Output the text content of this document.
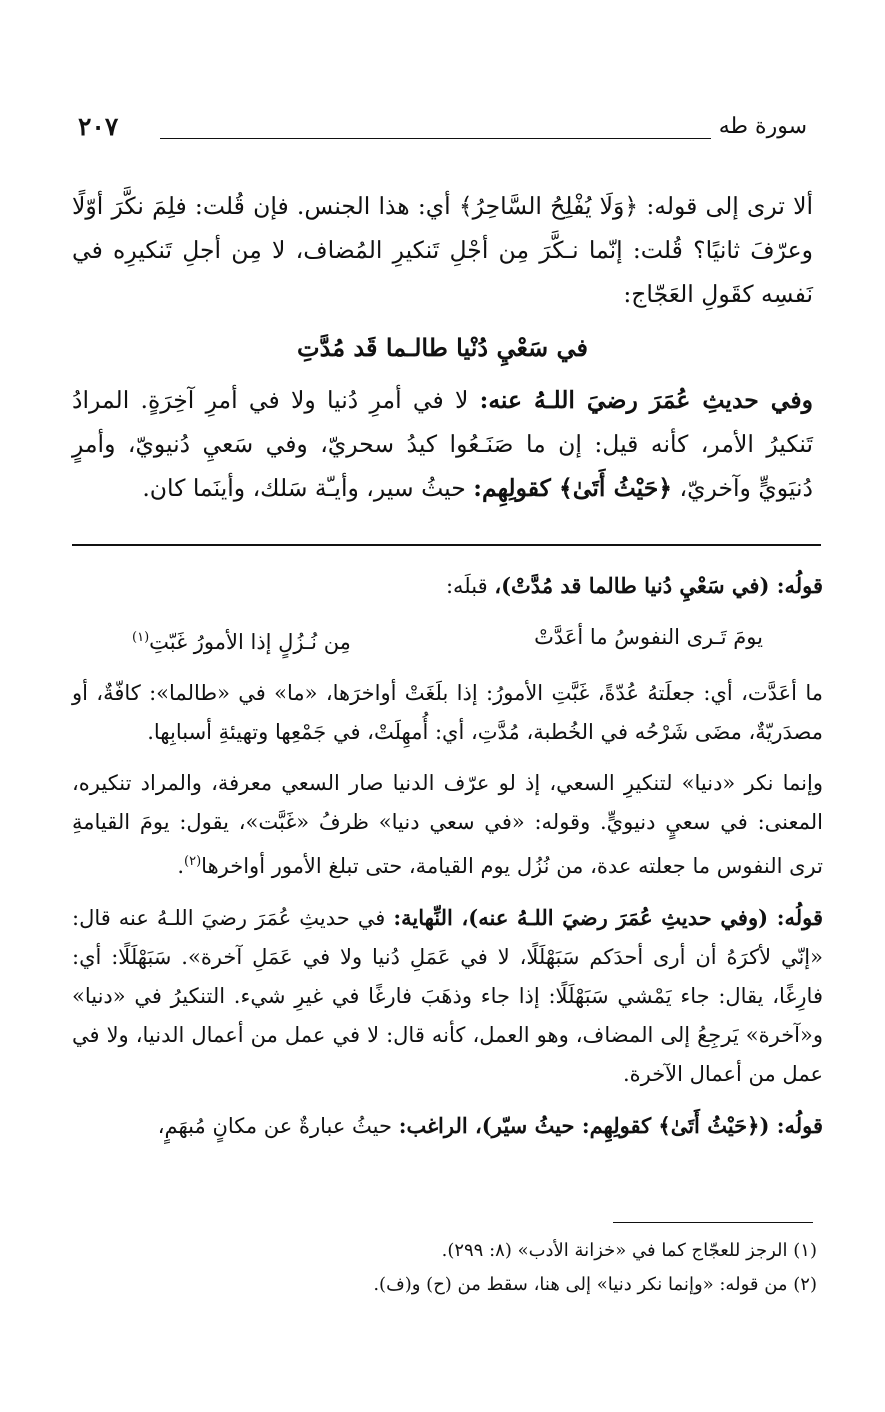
سورة طه
٢٠٧

ألا ترى إلى قوله: ﴿وَلَا يُفْلِحُ السَّاحِرُ﴾ أي: هذا الجنس. فإن قُلت: فلِمَ نكَّرَ أوّلًا وعرّفَ ثانيًا؟ قُلت: إنّما نـكَّرَ مِن أجْلِ تَنكيرِ المُضاف، لا مِن أجلِ تَنكيرِه في نَفسِه كقَولِ العَجّاج:

في سَعْيِ دُنْيا طالـما قَد مُدَّتِ

وفي حديثِ عُمَرَ رضيَ اللـهُ عنه: لا في أمرِ دُنيا ولا في أمرِ آخِرَةٍ. المرادُ تَنكيرُ الأمر، كأنه قيل: إن ما صَنَـعُوا كيدُ سحريّ، وفي سَعيِ دُنيويّ، وأمرٍ دُنيَويٍّ وآخريّ، ﴿حَيْثُ أَتَىٰ﴾ كقولِهِم: حيثُ سير، وأيـّة سَلك، وأينَما كان.

قولُه: (في سَعْيِ دُنيا طالما قد مُدَّتْ)، قبلَه:

يومَ تَـرى النفوسُ ما أعَدَّتْ
مِن نُـزُلٍ إذا الأمورُ غَبّتِ$^{(١)}$

ما أعَدَّت، أي: جعلَتهُ عُدّةً، غَبَّتِ الأمورُ: إذا بلَغَتْ أواخرَها، «ما» في «طالما»: كافّةٌ، أو مصدَريّةٌ، مضَى شَرْحُه في الخُطبة، مُدَّتِ، أي: أُمهِلَتْ، في جَمْعِها وتهيئةِ أسبابِها.

وإنما نكر «دنيا» لتنكيرِ السعي، إذ لو عرّف الدنيا صار السعي معرفة، والمراد تنكيره، المعنى: في سعيٍ دنيويٍّ. وقوله: «في سعي دنيا» ظرفُ «غَبَّت»، يقول: يومَ القيامةِ ترى النفوس ما جعلته عدة، من نُزُل يوم القيامة، حتى تبلغ الأمور أواخرها$^{(٢)}$.

قولُه: (وفي حديثِ عُمَرَ رضيَ اللـهُ عنه)، النِّهاية: في حديثِ عُمَرَ رضيَ اللـهُ عنه قال: «إنّي لأكرَهُ أن أرى أحدَكم سَبَهْلَلًا، لا في عَمَلِ دُنيا ولا في عَمَلِ آخرة». سَبَهْلَلًا: أي: فارِغًا، يقال: جاء يَمْشي سَبَهْلَلًا: إذا جاء وذهَبَ فارغًا في غيرِ شيء. التنكيرُ في «دنيا» و«آخرة» يَرجِعُ إلى المضاف، وهو العمل، كأنه قال: لا في عمل من أعمال الدنيا، ولا في عمل من أعمال الآخرة.

قولُه: (﴿حَيْثُ أَتَىٰ﴾ كقولِهِم: حيثُ سيّر)، الراغب: حيثُ عبارةٌ عن مكانٍ مُبهَمٍ،

(١) الرجز للعجّاج كما في «خزانة الأدب» (٨: ٢٩٩).

(٢) من قوله: «وإنما نكر دنيا» إلى هنا، سقط من (ح) و(ف).
